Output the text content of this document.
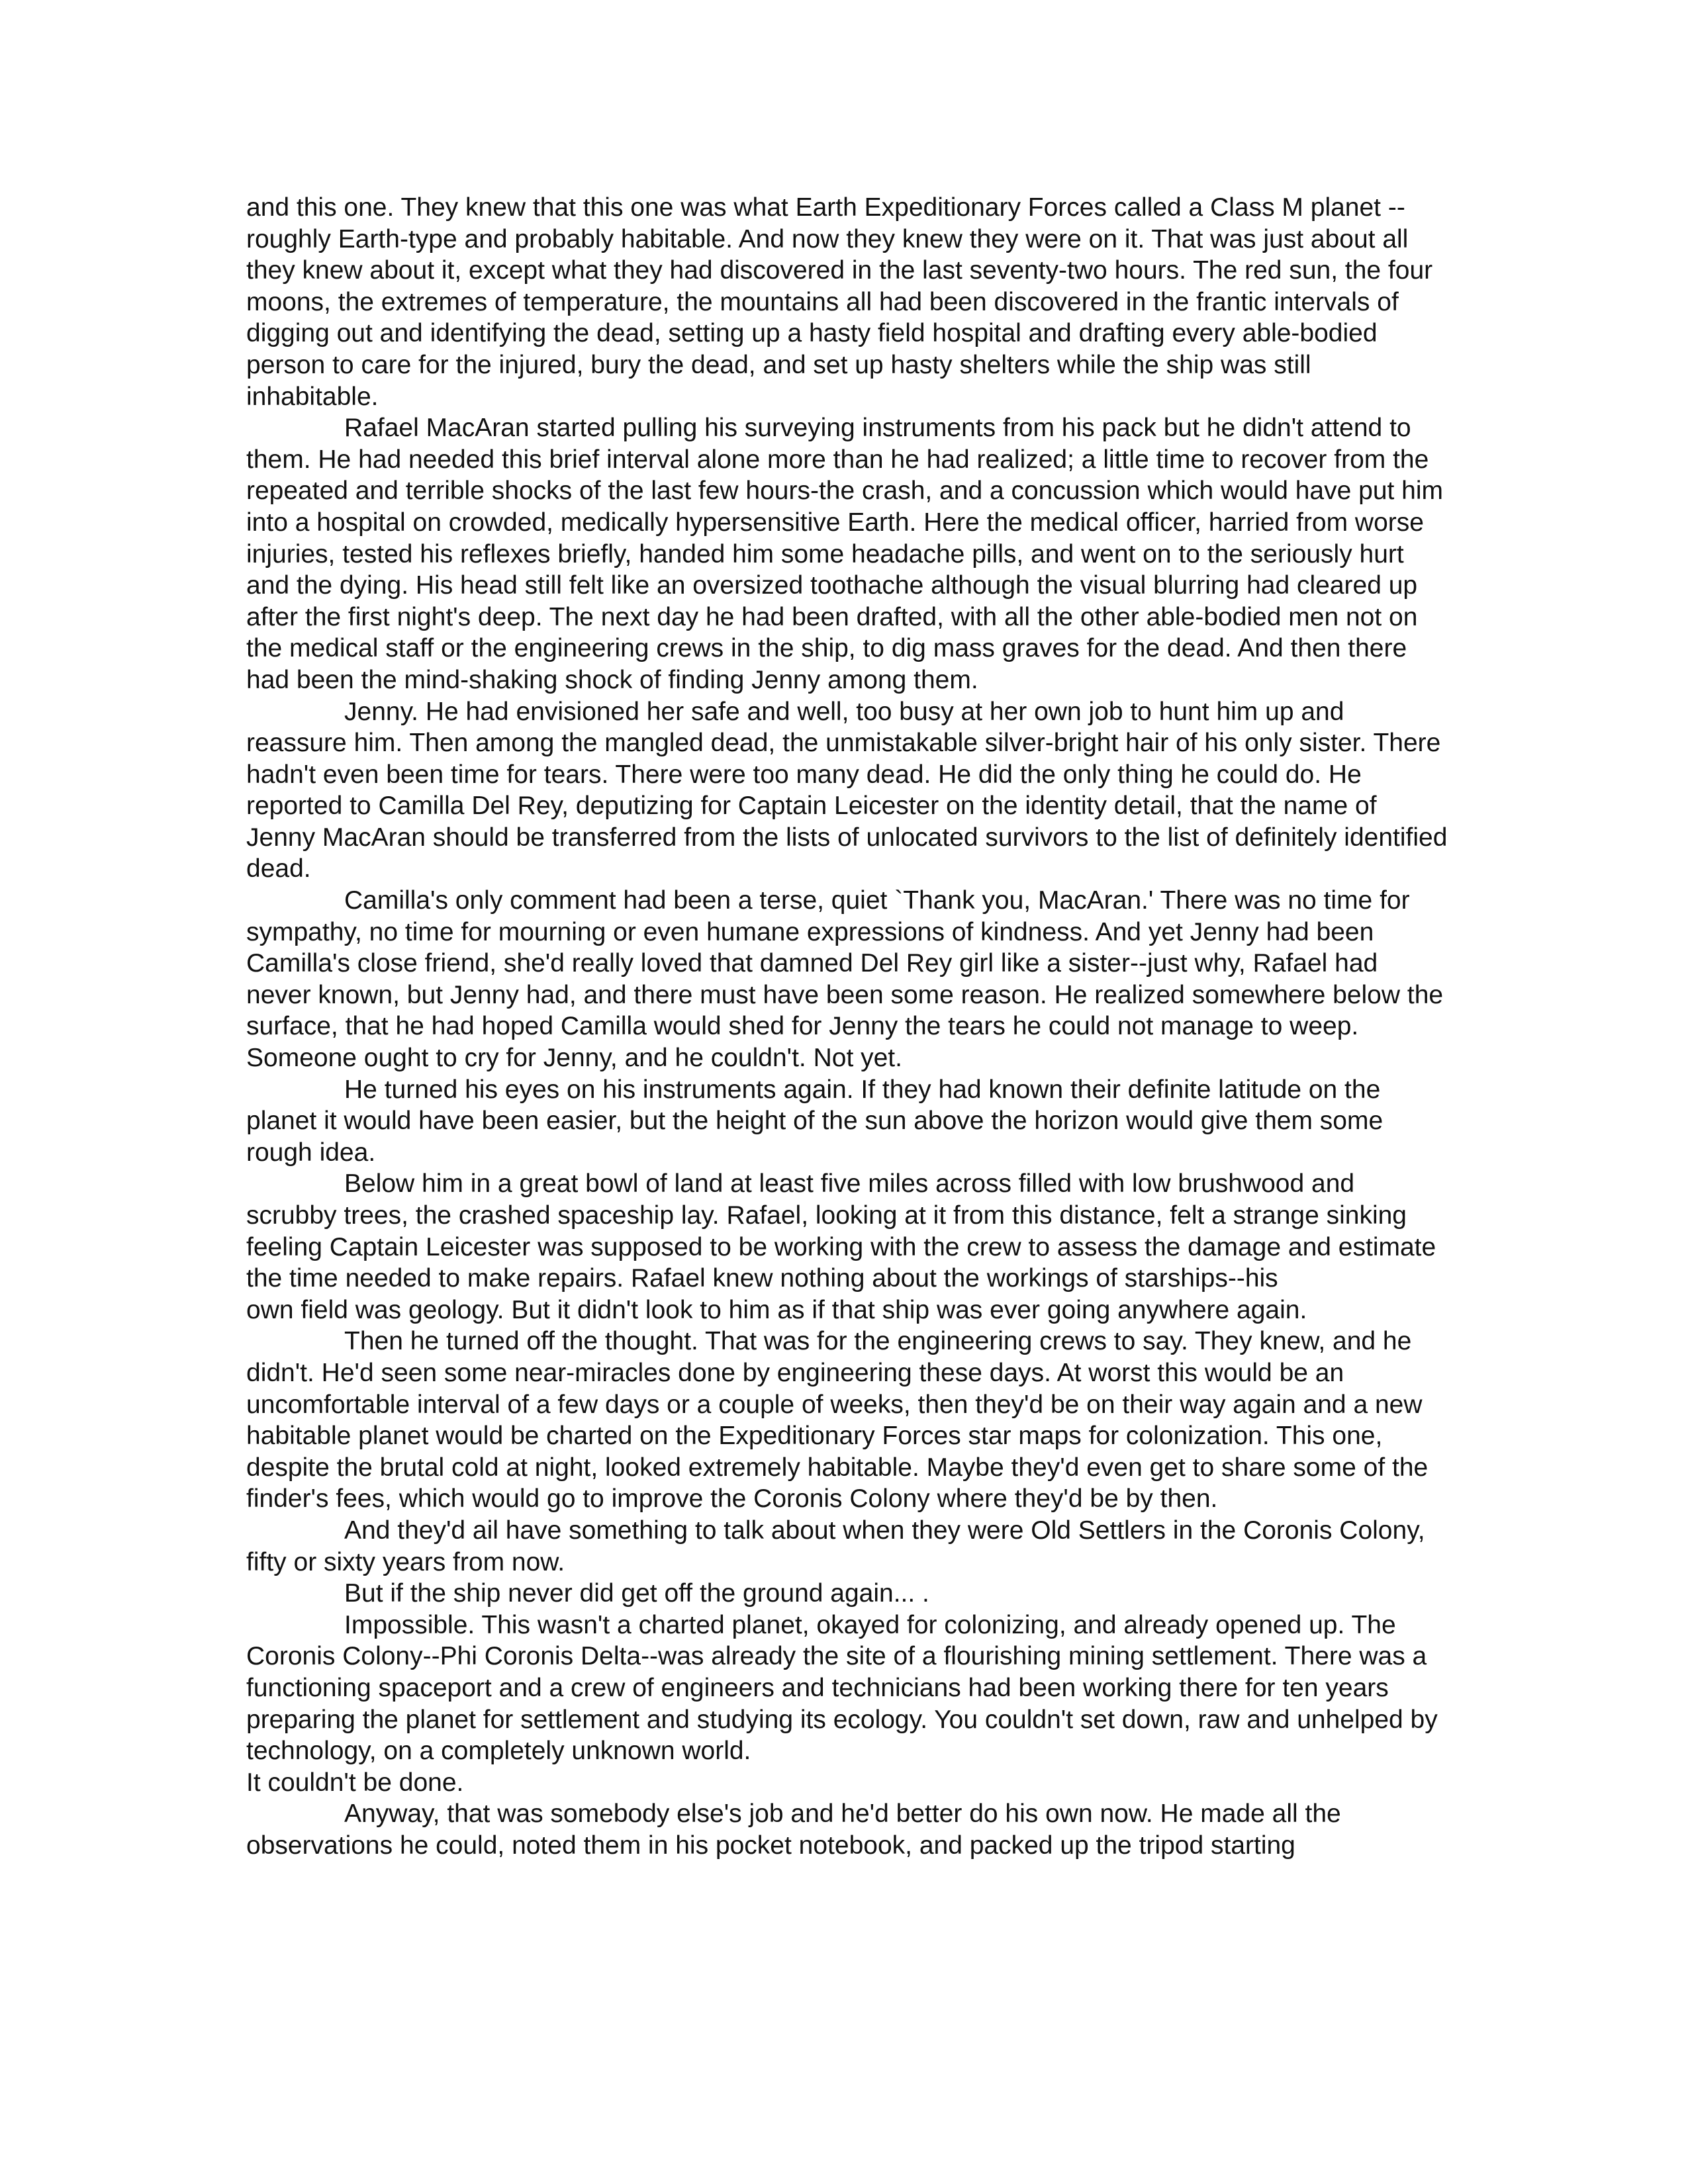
and this one. They knew that this one was what Earth Expeditionary Forces called a Class M planet --roughly Earth-type and probably habitable. And now they knew they were on it. That was just about all they knew about it, except what they had discovered in the last seventy-two hours. The red sun, the four moons, the extremes of temperature, the mountains all had been discovered in the frantic intervals of digging out and identifying the dead, setting up a hasty field hospital and drafting every able-bodied person to care for the injured, bury the dead, and set up hasty shelters while the ship was still inhabitable.

Rafael MacAran started pulling his surveying instruments from his pack but he didn't attend to them. He had needed this brief interval alone more than he had realized; a little time to recover from the repeated and terrible shocks of the last few hours-the crash, and a concussion which would have put him into a hospital on crowded, medically hypersensitive Earth. Here the medical officer, harried from worse injuries, tested his reflexes briefly, handed him some headache pills, and went on to the seriously hurt and the dying. His head still felt like an oversized toothache although the visual blurring had cleared up after the first night's deep. The next day he had been drafted, with all the other able-bodied men not on the medical staff or the engineering crews in the ship, to dig mass graves for the dead. And then there had been the mind-shaking shock of finding Jenny among them.

Jenny. He had envisioned her safe and well, too busy at her own job to hunt him up and reassure him. Then among the mangled dead, the unmistakable silver-bright hair of his only sister. There hadn't even been time for tears. There were too many dead. He did the only thing he could do. He reported to Camilla Del Rey, deputizing for Captain Leicester on the identity detail, that the name of Jenny MacAran should be transferred from the lists of unlocated survivors to the list of definitely identified dead.

Camilla's only comment had been a terse, quiet `Thank you, MacAran.' There was no time for sympathy, no time for mourning or even humane expressions of kindness. And yet Jenny had been Camilla's close friend, she'd really loved that damned Del Rey girl like a sister--just why, Rafael had never known, but Jenny had, and there must have been some reason. He realized somewhere below the surface, that he had hoped Camilla would shed for Jenny the tears he could not manage to weep. Someone ought to cry for Jenny, and he couldn't. Not yet.

He turned his eyes on his instruments again. If they had known their definite latitude on the planet it would have been easier, but the height of the sun above the horizon would give them some rough idea.

Below him in a great bowl of land at least five miles across filled with low brushwood and scrubby trees, the crashed spaceship lay. Rafael, looking at it from this distance, felt a strange sinking feeling Captain Leicester was supposed to be working with the crew to assess the damage and estimate the time needed to make repairs. Rafael knew nothing about the workings of starships--his

own field was geology. But it didn't look to him as if that ship was ever going anywhere again.

Then he turned off the thought. That was for the engineering crews to say. They knew, and he didn't. He'd seen some near-miracles done by engineering these days. At worst this would be an uncomfortable interval of a few days or a couple of weeks, then they'd be on their way again and a new habitable planet would be charted on the Expeditionary Forces star maps for colonization. This one, despite the brutal cold at night, looked extremely habitable. Maybe they'd even get to share some of the finder's fees, which would go to improve the Coronis Colony where they'd be by then.

And they'd ail have something to talk about when they were Old Settlers in the Coronis Colony, fifty or sixty years from now.

But if the ship never did get off the ground again... .

Impossible. This wasn't a charted planet, okayed for colonizing, and already opened up. The Coronis Colony--Phi Coronis Delta--was already the site of a flourishing mining settlement. There was a functioning spaceport and a crew of engineers and technicians had been working there for ten years preparing the planet for settlement and studying its ecology. You couldn't set down, raw and unhelped by technology, on a completely unknown world.

It couldn't be done.

Anyway, that was somebody else's job and he'd better do his own now. He made all the observations he could, noted them in his pocket notebook, and packed up the tripod starting
